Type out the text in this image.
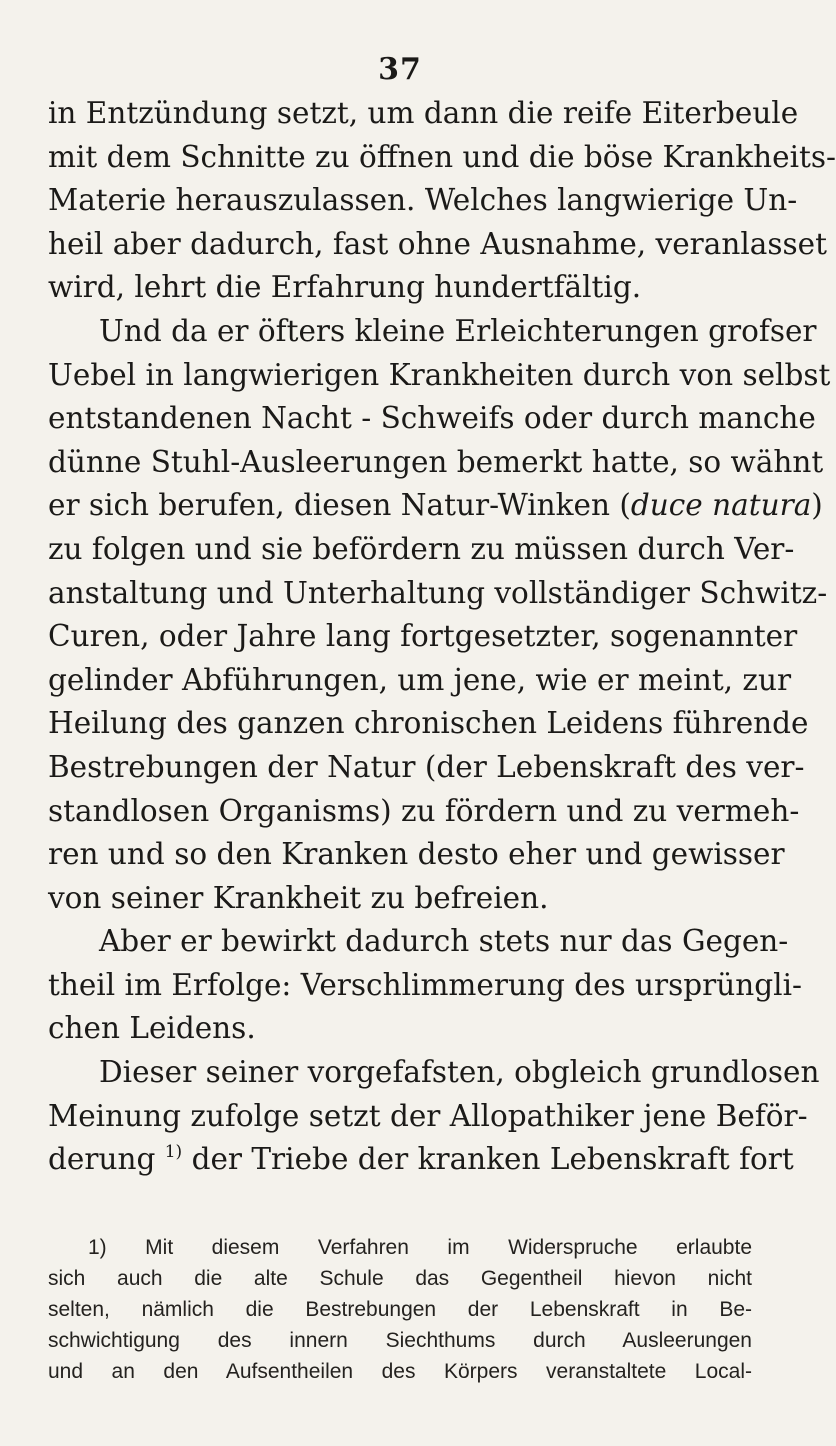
37
in Entzündung setzt, um dann die reife Eiterbeule
mit dem Schnitte zu öffnen und die böse Krankheits-
Materie herauszulassen. Welches langwierige Un-
heil aber dadurch, fast ohne Ausnahme, veranlasset
wird, lehrt die Erfahrung hundertfältig.
Und da er öfters kleine Erleichterungen grofser
Uebel in langwierigen Krankheiten durch von selbst
entstandenen Nacht - Schweifs oder durch manche
dünne Stuhl-Ausleerungen bemerkt hatte, so wähnt
er sich berufen, diesen Natur-Winken (duce natura)
zu folgen und sie befördern zu müssen durch Ver-
anstaltung und Unterhaltung vollständiger Schwitz-
Curen, oder Jahre lang fortgesetzter, sogenannter
gelinder Abführungen, um jene, wie er meint, zur
Heilung des ganzen chronischen Leidens führende
Bestrebungen der Natur (der Lebenskraft des ver-
standlosen Organisms) zu fördern und zu vermeh-
ren und so den Kranken desto eher und gewisser
von seiner Krankheit zu befreien.
Aber er bewirkt dadurch stets nur das Gegen-
theil im Erfolge: Verschlimmerung des ursprüngli-
chen Leidens.
Dieser seiner vorgefafsten, obgleich grundlosen
Meinung zufolge setzt der Allopathiker jene Beför-
derung $^{1)}$ der Triebe der kranken Lebenskraft fort
1) Mit diesem Verfahren im Widerspruche erlaubte
sich auch die alte Schule das Gegentheil hievon nicht
selten, nämlich die Bestrebungen der Lebenskraft in Be-
schwichtigung des innern Siechthums durch Ausleerungen
und an den Aufsentheilen des Körpers veranstaltete Local-
